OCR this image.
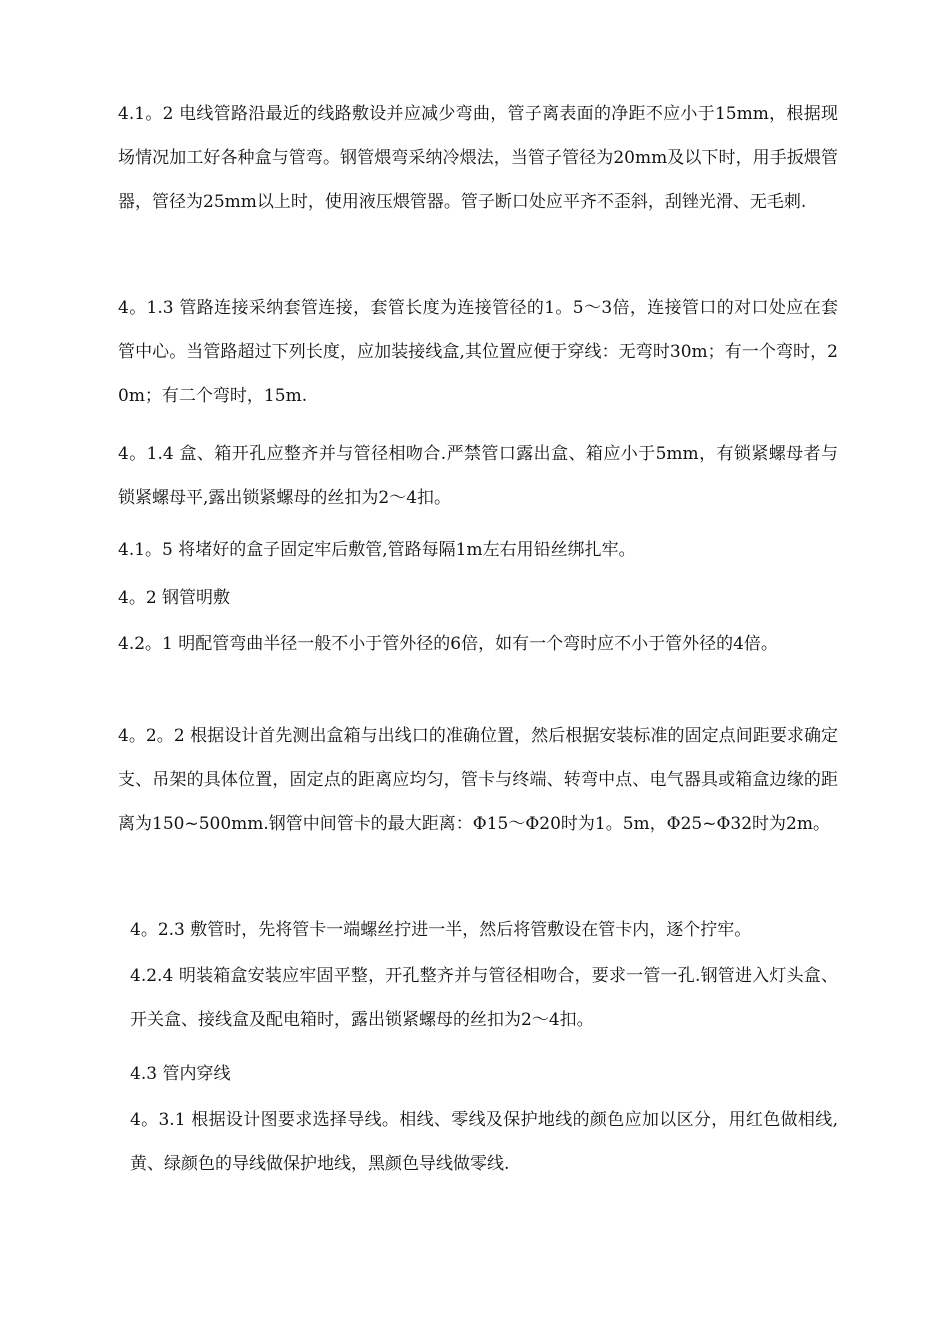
4.1。2 电线管路沿最近的线路敷设并应减少弯曲，管子离表面的净距不应小于15mm，根据现场情况加工好各种盒与管弯。钢管煨弯采纳冷煨法，当管子管径为20mm及以下时，用手扳煨管器，管径为25mm以上时，使用液压煨管器。管子断口处应平齐不歪斜，刮锉光滑、无毛刺.

4。1.3 管路连接采纳套管连接，套管长度为连接管径的1。5～3倍，连接管口的对口处应在套管中心。当管路超过下列长度，应加装接线盒,其位置应便于穿线：无弯时30m；有一个弯时，20m；有二个弯时，15m.

4。1.4 盒、箱开孔应整齐并与管径相吻合.严禁管口露出盒、箱应小于5mm，有锁紧螺母者与锁紧螺母平,露出锁紧螺母的丝扣为2～4扣。

4.1。5 将堵好的盒子固定牢后敷管,管路每隔1m左右用铅丝绑扎牢。

4。2 钢管明敷

4.2。1 明配管弯曲半径一般不小于管外径的6倍，如有一个弯时应不小于管外径的4倍。

4。2。2 根据设计首先测出盒箱与出线口的准确位置，然后根据安装标准的固定点间距要求确定支、吊架的具体位置，固定点的距离应均匀，管卡与终端、转弯中点、电气器具或箱盒边缘的距离为150~500mm.钢管中间管卡的最大距离：Φ15～Φ20时为1。5m，Φ25~Φ32时为2m。

4。2.3 敷管时，先将管卡一端螺丝拧进一半，然后将管敷设在管卡内，逐个拧牢。

4.2.4 明装箱盒安装应牢固平整，开孔整齐并与管径相吻合，要求一管一孔.钢管进入灯头盒、开关盒、接线盒及配电箱时，露出锁紧螺母的丝扣为2～4扣。

4.3 管内穿线

4。3.1 根据设计图要求选择导线。相线、零线及保护地线的颜色应加以区分，用红色做相线,黄、绿颜色的导线做保护地线，黑颜色导线做零线.
